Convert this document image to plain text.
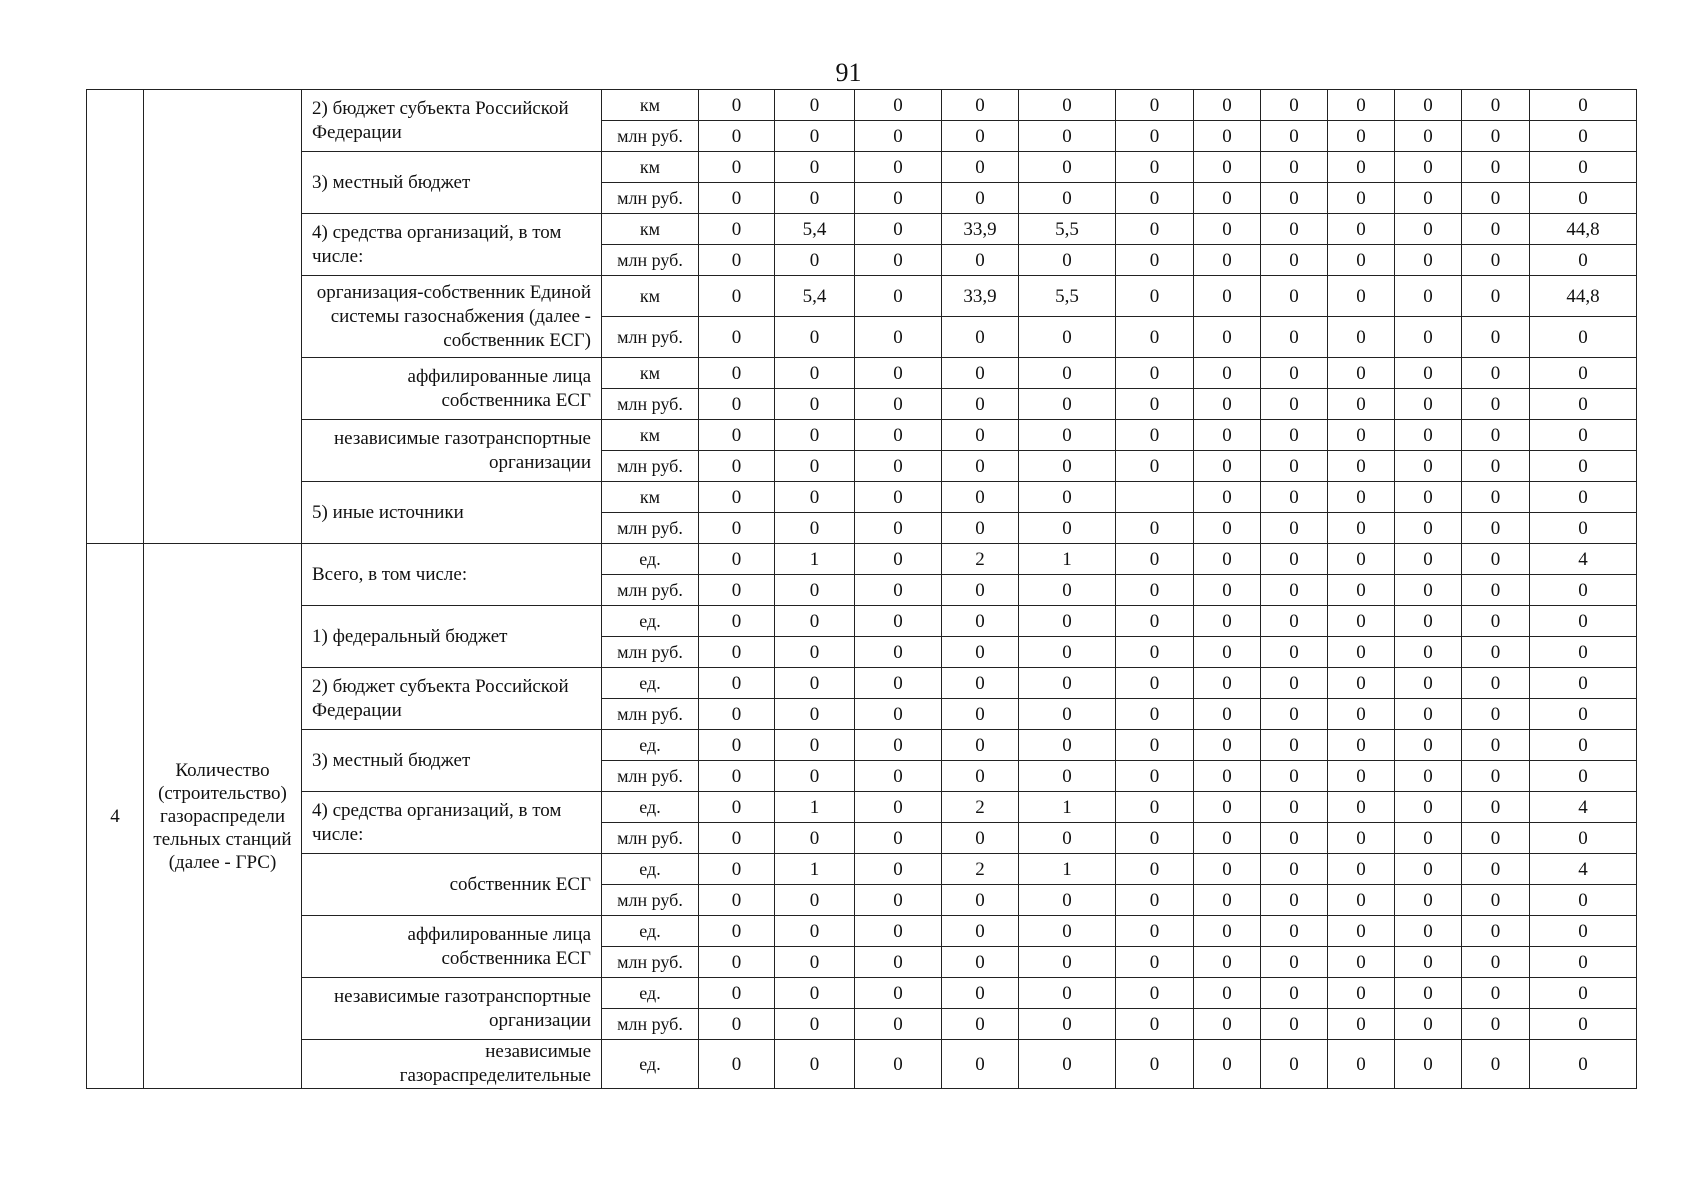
91
		2) бюджет субъекта Российской Федерации	км	0	0	0	0	0	0	0	0	0	0	0	0
			млн руб.	0	0	0	0	0	0	0	0	0	0	0	0
		3) местный бюджет	км	0	0	0	0	0	0	0	0	0	0	0	0
			млн руб.	0	0	0	0	0	0	0	0	0	0	0	0
		4) средства организаций, в том числе:	км	0	5,4	0	33,9	5,5	0	0	0	0	0	0	44,8
			млн руб.	0	0	0	0	0	0	0	0	0	0	0	0
		организация-собственник Единой системы газоснабжения (далее - собственник ЕСГ)	км	0	5,4	0	33,9	5,5	0	0	0	0	0	0	44,8
			млн руб.	0	0	0	0	0	0	0	0	0	0	0	0
		аффилированные лица собственника ЕСГ	км	0	0	0	0	0	0	0	0	0	0	0	0
			млн руб.	0	0	0	0	0	0	0	0	0	0	0	0
		независимые газотранспортные организации	км	0	0	0	0	0	0	0	0	0	0	0	0
			млн руб.	0	0	0	0	0	0	0	0	0	0	0	0
		5) иные источники	км	0	0	0	0	0		0	0	0	0	0	0
			млн руб.	0	0	0	0	0	0	0	0	0	0	0	0
4	Количество (строительство) газораспредели тельных станций (далее - ГРС)	Всего, в том числе:	ед.	0	1	0	2	1	0	0	0	0	0	0	4
			млн руб.	0	0	0	0	0	0	0	0	0	0	0	0
		1) федеральный бюджет	ед.	0	0	0	0	0	0	0	0	0	0	0	0
			млн руб.	0	0	0	0	0	0	0	0	0	0	0	0
		2) бюджет субъекта Российской Федерации	ед.	0	0	0	0	0	0	0	0	0	0	0	0
			млн руб.	0	0	0	0	0	0	0	0	0	0	0	0
		3) местный бюджет	ед.	0	0	0	0	0	0	0	0	0	0	0	0
			млн руб.	0	0	0	0	0	0	0	0	0	0	0	0
		4) средства организаций, в том числе:	ед.	0	1	0	2	1	0	0	0	0	0	0	4
			млн руб.	0	0	0	0	0	0	0	0	0	0	0	0
		собственник ЕСГ	ед.	0	1	0	2	1	0	0	0	0	0	0	4
			млн руб.	0	0	0	0	0	0	0	0	0	0	0	0
		аффилированные лица собственника ЕСГ	ед.	0	0	0	0	0	0	0	0	0	0	0	0
			млн руб.	0	0	0	0	0	0	0	0	0	0	0	0
		независимые газотранспортные организации	ед.	0	0	0	0	0	0	0	0	0	0	0	0
			млн руб.	0	0	0	0	0	0	0	0	0	0	0	0
		независимые газораспределительные	ед.	0	0	0	0	0	0	0	0	0	0	0	0
